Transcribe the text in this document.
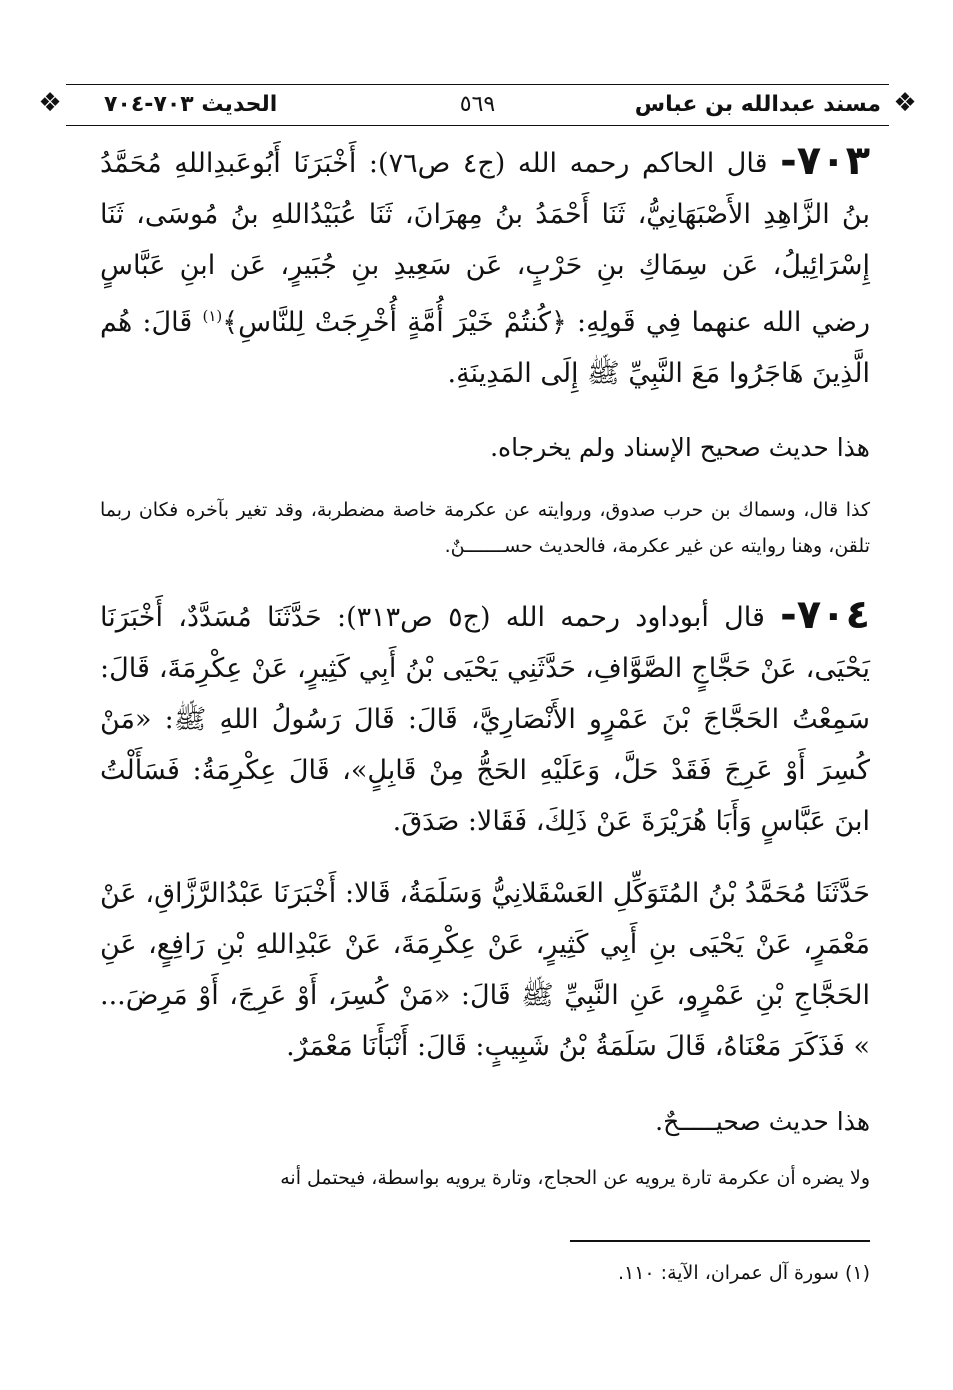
❖
مسند عبدالله بن عباس
٥٦٩
الحديث ٧٠٣-٧٠٤
❖
٧٠٣- قال الحاكم رحمه الله (ج٤ ص٧٦): أَخْبَرَنَا أَبُوعَبدِاللهِ مُحَمَّدُ بنُ الزَّاهِدِ الأَصْبَهَانِيُّ، ثَنَا أَحْمَدُ بنُ مِهرَانَ، ثَنَا عُبَيْدُاللهِ بنُ مُوسَى، ثَنَا إِسْرَائِيلُ، عَن سِمَاكِ بنِ حَرْبٍ، عَن سَعِيدِ بنِ جُبَيرٍ، عَن ابنِ عَبَّاسٍ رضي الله عنهما فِي قَولِهِ: ﴿كُنتُمْ خَيْرَ أُمَّةٍ أُخْرِجَتْ لِلنَّاسِ﴾$^{(١)}$ قَالَ: هُم الَّذِينَ هَاجَرُوا مَعَ النَّبِيِّ ﷺ إِلَى المَدِينَةِ.
هذا حديث صحيح الإسناد ولم يخرجاه.
كذا قال، وسماك بن حرب صدوق، وروايته عن عكرمة خاصة مضطربة، وقد تغير بآخره فكان ربما تلقن، وهنا روايته عن غير عكرمة، فالحديث حســـــــنٌ.
٧٠٤- قال أبوداود رحمه الله (ج٥ ص٣١٣): حَدَّثَنَا مُسَدَّدٌ، أَخْبَرَنَا يَحْيَى، عَنْ حَجَّاجٍ الصَّوَّافِ، حَدَّثَنِي يَحْيَى بْنُ أَبِي كَثِيرٍ، عَنْ عِكْرِمَةَ، قَالَ: سَمِعْتُ الحَجَّاجَ بْنَ عَمْرٍو الأَنْصَارِيَّ، قَالَ: قَالَ رَسُولُ اللهِ ﷺ: «مَنْ كُسِرَ أَوْ عَرِجَ فَقَدْ حَلَّ، وَعَلَيْهِ الحَجُّ مِنْ قَابِلٍ»، قَالَ عِكْرِمَةُ: فَسَأَلْتُ ابنَ عَبَّاسٍ وَأَبَا هُرَيْرَةَ عَنْ ذَلِكَ، فَقَالا: صَدَقَ.
حَدَّثَنَا مُحَمَّدُ بْنُ المُتَوَكِّلِ العَسْقَلانِيُّ وَسَلَمَةُ، قَالا: أَخْبَرَنَا عَبْدُالرَّزَّاقِ، عَنْ مَعْمَرٍ، عَنْ يَحْيَى بنِ أَبِي كَثِيرٍ، عَنْ عِكْرِمَةَ، عَنْ عَبْدِاللهِ بْنِ رَافِعٍ، عَنِ الحَجَّاجِ بْنِ عَمْرٍو، عَنِ النَّبِيِّ ﷺ قَالَ: «مَنْ كُسِرَ، أَوْ عَرِجَ، أَوْ مَرِضَ... » فَذَكَرَ مَعْنَاهُ، قَالَ سَلَمَةُ بْنُ شَبِيبٍ: قَالَ: أَنْبَأَنَا مَعْمَرٌ.
هذا حديث صحيـــــحٌ.
ولا يضره أن عكرمة تارة يرويه عن الحجاج، وتارة يرويه بواسطة، فيحتمل أنه
(١) سورة آل عمران، الآية: ١١٠.
